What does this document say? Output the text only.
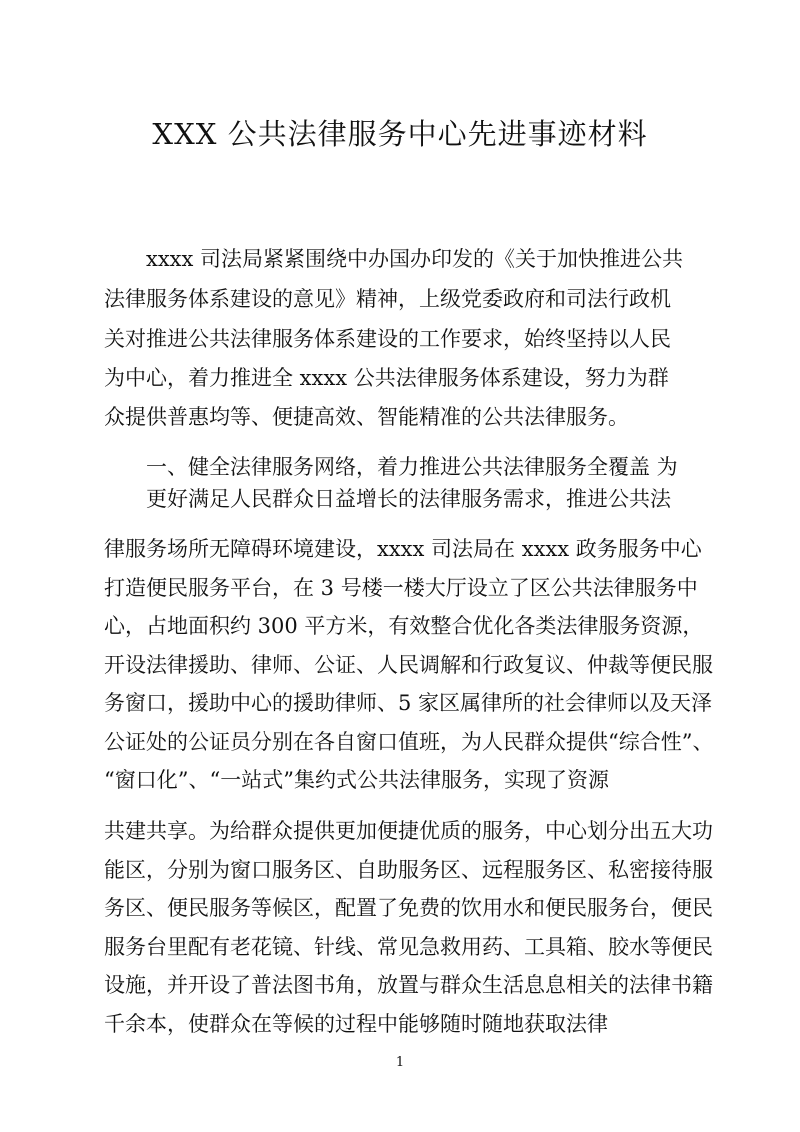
XXX 公共法律服务中心先进事迹材料
xxxx 司法局紧紧围绕中办国办印发的《关于加快推进公共
法律服务体系建设的意见》精神，上级党委政府和司法行政机
关对推进公共法律服务体系建设的工作要求，始终坚持以人民
为中心，着力推进全 xxxx 公共法律服务体系建设，努力为群
众提供普惠均等、便捷高效、智能精准的公共法律服务。
一、健全法律服务网络，着力推进公共法律服务全覆盖 为
更好满足人民群众日益增长的法律服务需求，推进公共法
律服务场所无障碍环境建设，xxxx 司法局在 xxxx 政务服务中心
打造便民服务平台，在 3 号楼一楼大厅设立了区公共法律服务中
心，占地面积约 300 平方米，有效整合优化各类法律服务资源，
开设法律援助、律师、公证、人民调解和行政复议、仲裁等便民服
务窗口，援助中心的援助律师、5 家区属律所的社会律师以及天泽
公证处的公证员分别在各自窗口值班，为人民群众提供“综合性”、
“窗口化”、“一站式”集约式公共法律服务，实现了资源
共建共享。为给群众提供更加便捷优质的服务，中心划分出五大功
能区，分别为窗口服务区、自助服务区、远程服务区、私密接待服
务区、便民服务等候区，配置了免费的饮用水和便民服务台，便民
服务台里配有老花镜、针线、常见急救用药、工具箱、胶水等便民
设施，并开设了普法图书角，放置与群众生活息息相关的法律书籍
千余本，使群众在等候的过程中能够随时随地获取法律
1
